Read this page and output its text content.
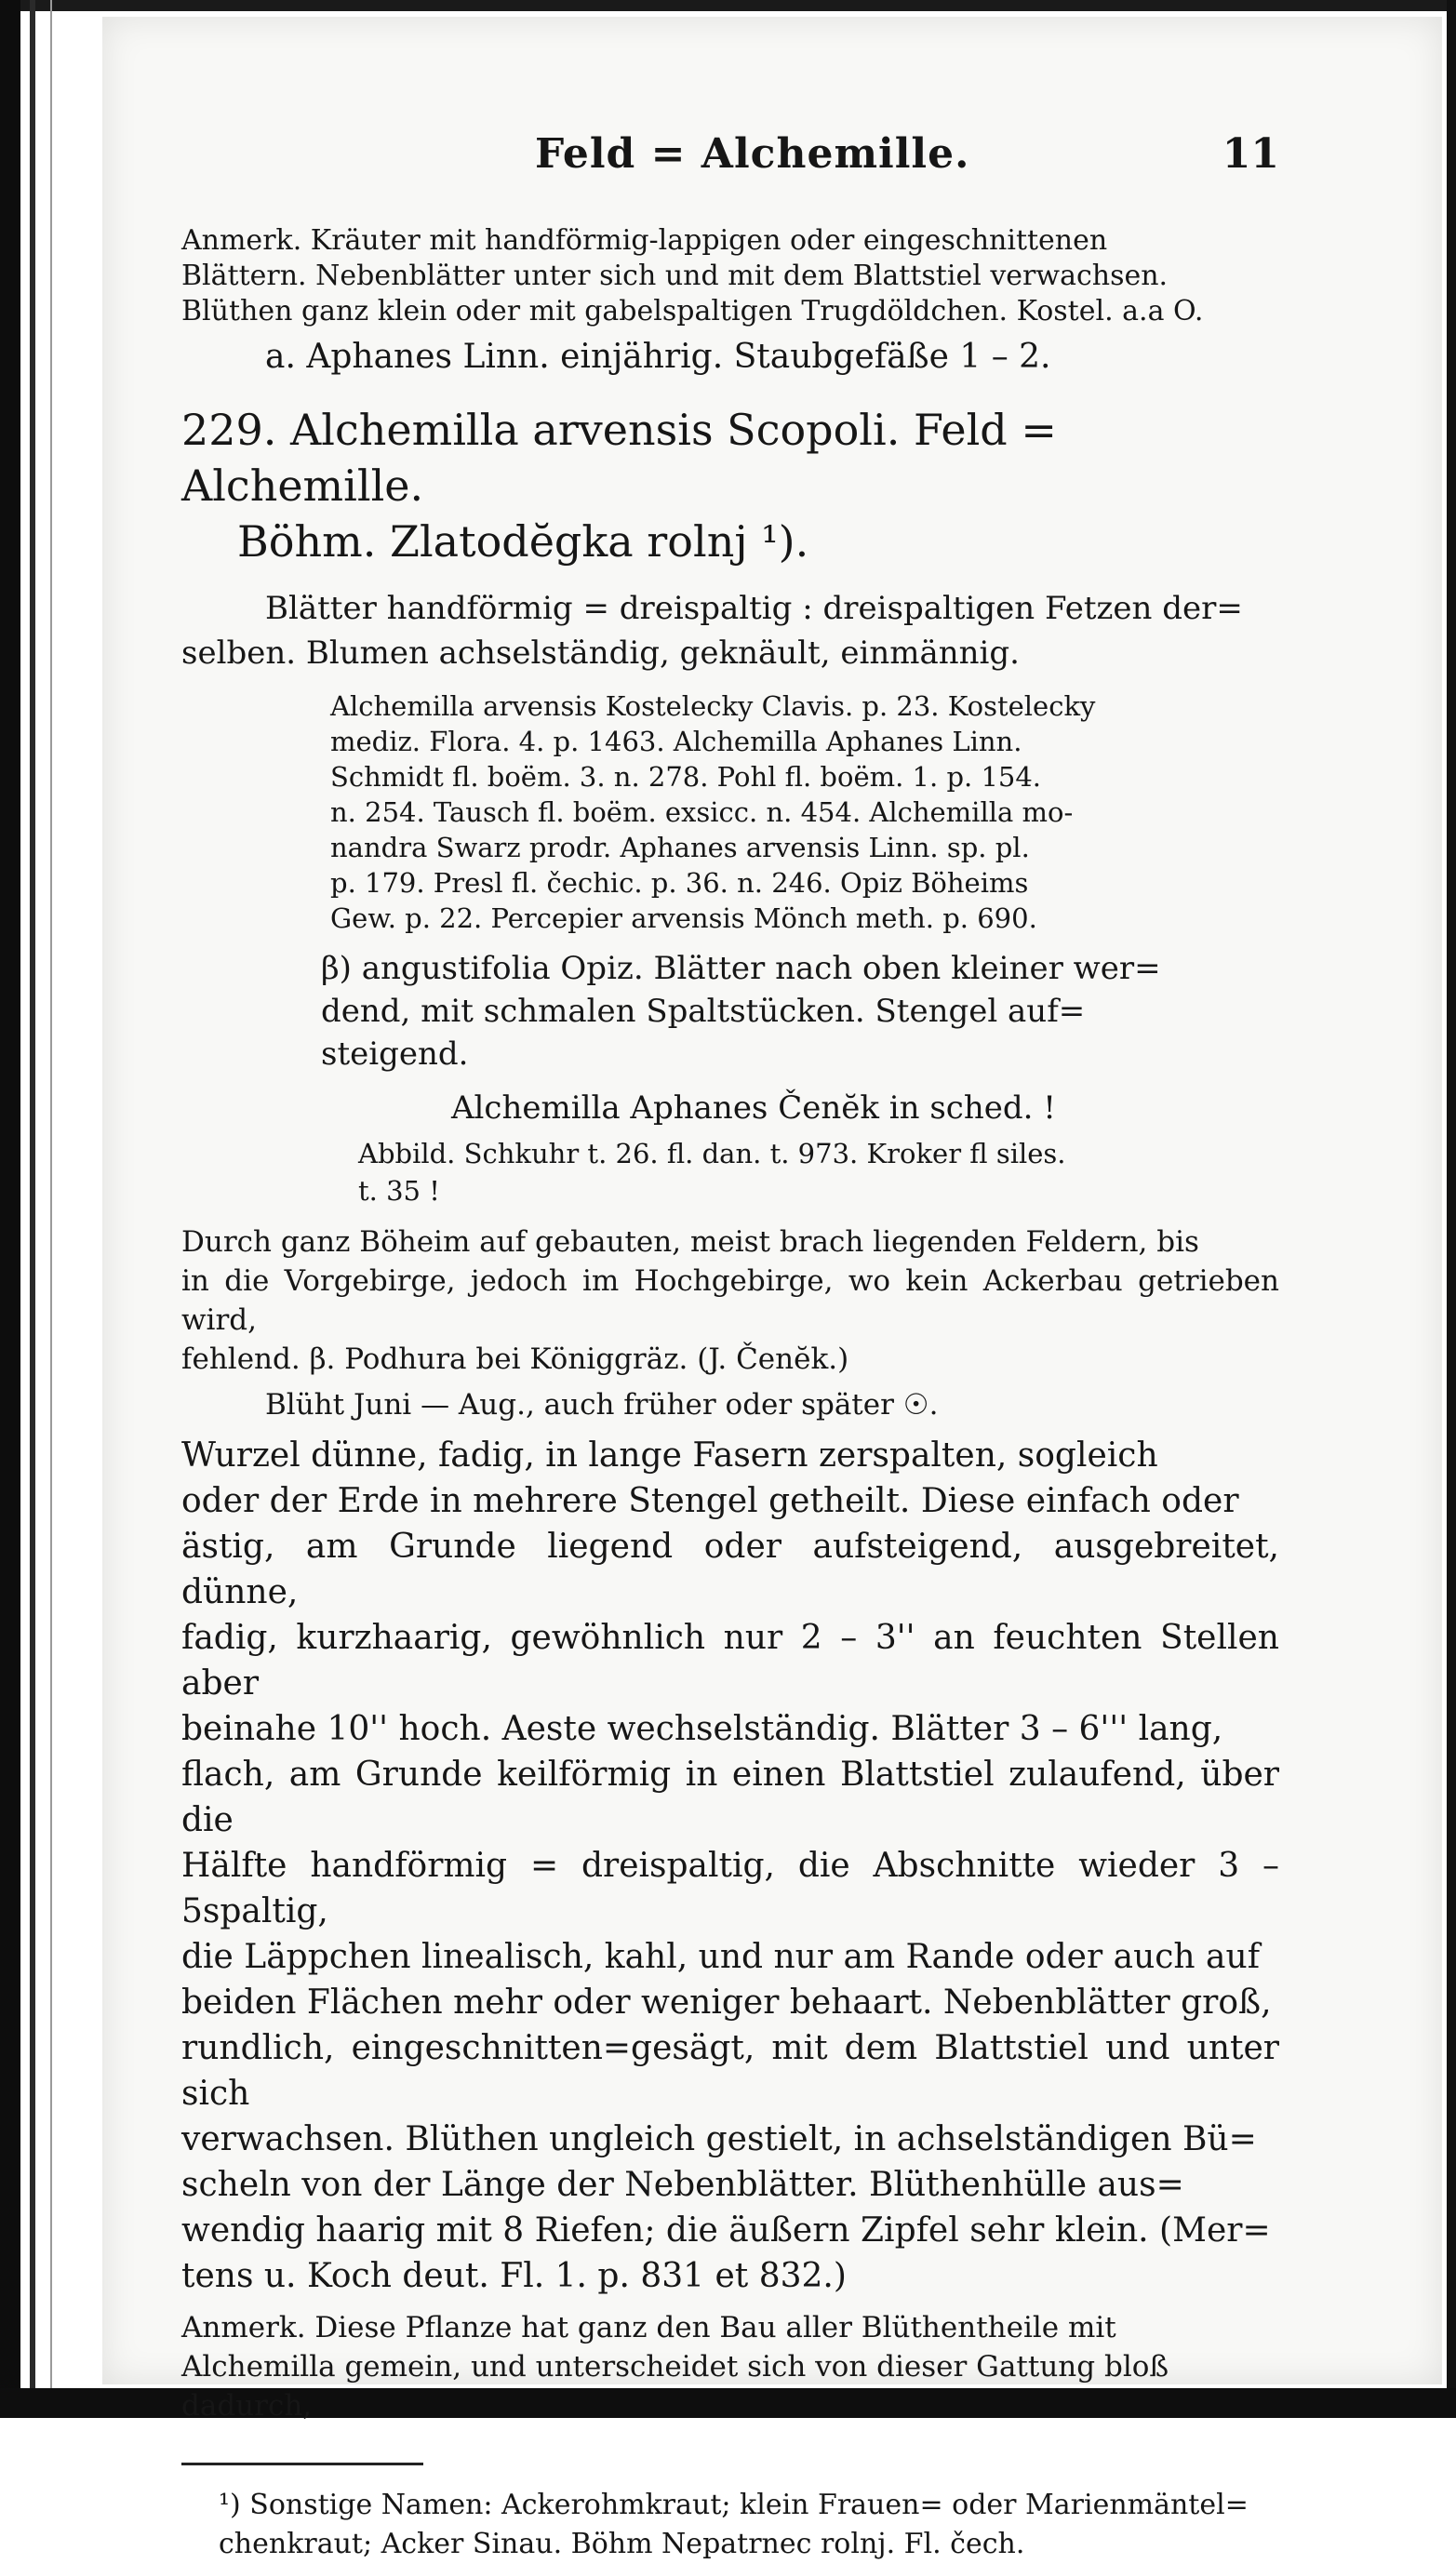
Feld = Alchemille.	11

Anmerk. Kräuter mit handförmig-lappigen oder eingeschnittenen
Blättern. Nebenblätter unter sich und mit dem Blattstiel verwachsen.
Blüthen ganz klein oder mit gabelspaltigen Trugdöldchen. Kostel. a.a O.

a. Aphanes Linn. einjährig. Staubgefäße 1 – 2.

229. Alchemilla arvensis Scopoli. Feld = Alchemille.
Böhm. Zlatodĕgka rolnj ¹).

Blätter handförmig = dreispaltig : dreispaltigen Fetzen der=
selben. Blumen achselständig, geknäult, einmännig.

Alchemilla arvensis Kostelecky Clavis. p. 23. Kostelecky
mediz. Flora. 4. p. 1463. Alchemilla Aphanes Linn.
Schmidt fl. boëm. 3. n. 278. Pohl fl. boëm. 1. p. 154.
n. 254. Tausch fl. boëm. exsicc. n. 454. Alchemilla mo-
nandra Swarz prodr. Aphanes arvensis Linn. sp. pl.
p. 179. Presl fl. čechic. p. 36. n. 246. Opiz Böheims
Gew. p. 22. Percepier arvensis Mönch meth. p. 690.

β) angustifolia Opiz. Blätter nach oben kleiner wer=
dend, mit schmalen Spaltstücken. Stengel auf=
steigend.

Alchemilla Aphanes Čenĕk in sched. !

Abbild. Schkuhr t. 26. fl. dan. t. 973. Kroker fl siles.
t. 35 !

Durch ganz Böheim auf gebauten, meist brach liegenden Feldern, bis
in die Vorgebirge, jedoch im Hochgebirge, wo kein Ackerbau getrieben wird,
fehlend. β. Podhura bei Königgräz. (J. Čenĕk.)

Blüht Juni — Aug., auch früher oder später ☉.

Wurzel dünne, fadig, in lange Fasern zerspalten, sogleich
oder der Erde in mehrere Stengel getheilt. Diese einfach oder
ästig, am Grunde liegend oder aufsteigend, ausgebreitet, dünne,
fadig, kurzhaarig, gewöhnlich nur 2 – 3'' an feuchten Stellen aber
beinahe 10'' hoch. Aeste wechselständig. Blätter 3 – 6''' lang,
flach, am Grunde keilförmig in einen Blattstiel zulaufend, über die
Hälfte handförmig = dreispaltig, die Abschnitte wieder 3 – 5spaltig,
die Läppchen linealisch, kahl, und nur am Rande oder auch auf
beiden Flächen mehr oder weniger behaart. Nebenblätter groß,
rundlich, eingeschnitten=gesägt, mit dem Blattstiel und unter sich
verwachsen. Blüthen ungleich gestielt, in achselständigen Bü=
scheln von der Länge der Nebenblätter. Blüthenhülle aus=
wendig haarig mit 8 Riefen; die äußern Zipfel sehr klein. (Mer=
tens u. Koch deut. Fl. 1. p. 831 et 832.)

Anmerk. Diese Pflanze hat ganz den Bau aller Blüthentheile mit
Alchemilla gemein, und unterscheidet sich von dieser Gattung bloß dadurch,

¹) Sonstige Namen: Ackerohmkraut; klein Frauen= oder Marienmäntel=
chenkraut; Acker Sinau. Böhm Nepatrnec rolnj. Fl. čech.
